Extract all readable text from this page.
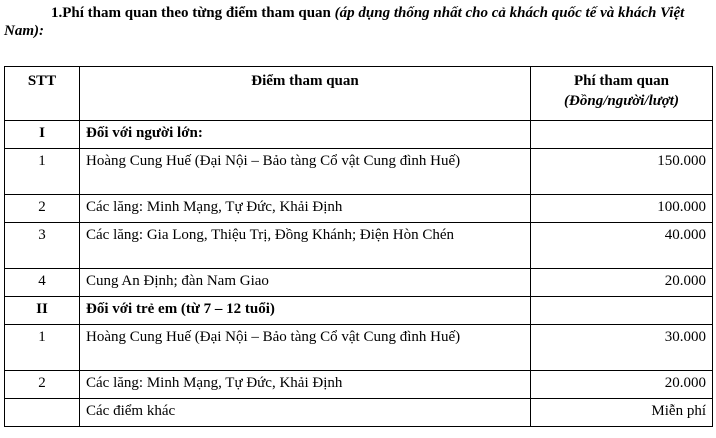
1.Phí tham quan theo từng điểm tham quan (áp dụng thống nhất cho cả khách quốc tế và khách Việt Nam):

STT	Điểm tham quan	Phí tham quan
(Đồng/người/lượt)

I	Đối với người lớn:	
1	Hoàng Cung Huế (Đại Nội – Bảo tàng Cổ vật Cung đình Huế)	150.000
2	Các lăng: Minh Mạng, Tự Đức, Khải Định	100.000
3	Các lăng: Gia Long, Thiệu Trị, Đồng Khánh; Điện Hòn Chén	40.000
4	Cung An Định; đàn Nam Giao	20.000
II	Đối với trẻ em (từ 7 – 12 tuổi)	
1	Hoàng Cung Huế (Đại Nội – Bảo tàng Cổ vật Cung đình Huế)	30.000
2	Các lăng: Minh Mạng, Tự Đức, Khải Định	20.000
	Các điểm khác	Miễn phí
